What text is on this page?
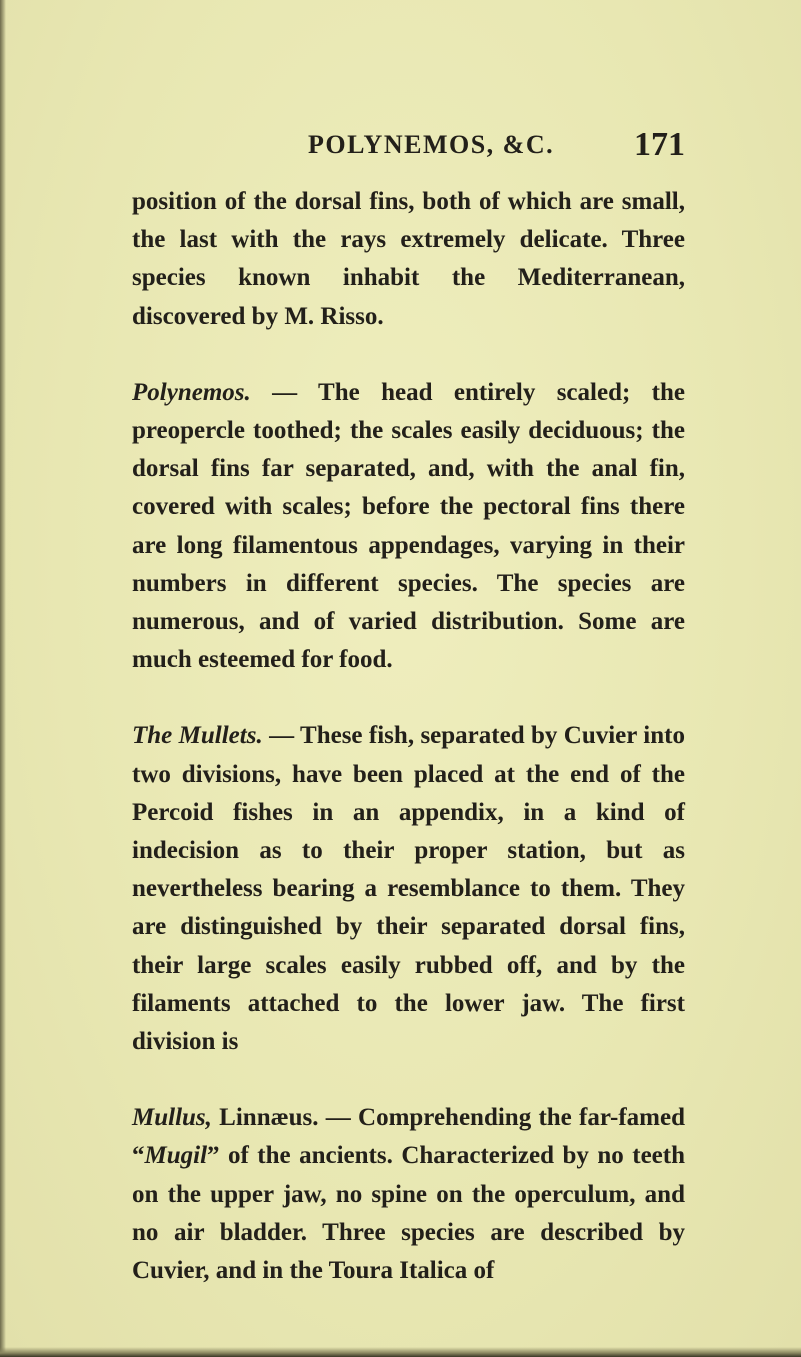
POLYNEMOS, &C. 171

position of the dorsal fins, both of which are small, the last with the rays extremely delicate. Three species known inhabit the Mediterranean, discovered by M. Risso.

Polynemos. — The head entirely scaled; the preopercle toothed; the scales easily deciduous; the dorsal fins far separated, and, with the anal fin, covered with scales; before the pectoral fins there are long filamentous appendages, varying in their numbers in different species. The species are numerous, and of varied distribution. Some are much esteemed for food.

The Mullets. — These fish, separated by Cuvier into two divisions, have been placed at the end of the Percoid fishes in an appendix, in a kind of indecision as to their proper station, but as nevertheless bearing a resemblance to them. They are distinguished by their separated dorsal fins, their large scales easily rubbed off, and by the filaments attached to the lower jaw. The first division is

Mullus, Linnæus. — Comprehending the far-famed “Mugil” of the ancients. Characterized by no teeth on the upper jaw, no spine on the operculum, and no air bladder. Three species are described by Cuvier, and in the Toura Italica of
